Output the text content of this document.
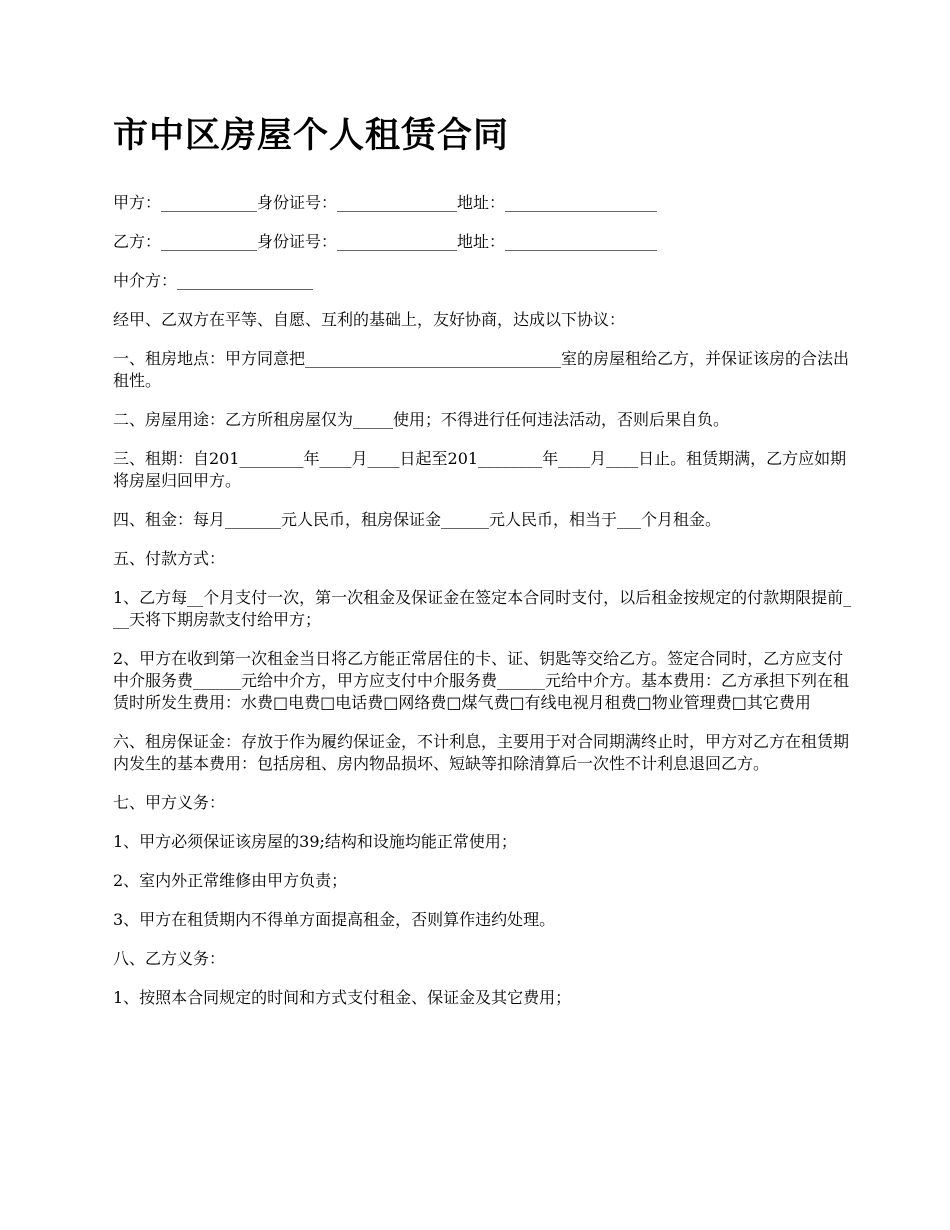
市中区房屋个人租赁合同

甲方：____________身份证号：_______________地址：___________________

乙方：____________身份证号：_______________地址：___________________

中介方：_________________

经甲、乙双方在平等、自愿、互利的基础上，友好协商，达成以下协议：

一、租房地点：甲方同意把________________________________室的房屋租给乙方，并保证该房的合法出租性。

二、房屋用途：乙方所租房屋仅为_____使用；不得进行任何违法活动，否则后果自负。

三、租期：自201________年____月____日起至201________年____月____日止。租赁期满，乙方应如期将房屋归回甲方。

四、租金：每月_______元人民币，租房保证金______元人民币，相当于___个月租金。

五、付款方式：

1、乙方每__个月支付一次，第一次租金及保证金在签定本合同时支付，以后租金按规定的付款期限提前___天将下期房款支付给甲方；

2、甲方在收到第一次租金当日将乙方能正常居住的卡、证、钥匙等交给乙方。签定合同时，乙方应支付中介服务费______元给中介方，甲方应支付中介服务费______元给中介方。基本费用：乙方承担下列在租赁时所发生费用：水费□电费□电话费□网络费□煤气费□有线电视月租费□物业管理费□其它费用

六、租房保证金：存放于作为履约保证金，不计利息，主要用于对合同期满终止时，甲方对乙方在租赁期内发生的基本费用：包括房租、房内物品损坏、短缺等扣除清算后一次性不计利息退回乙方。

七、甲方义务：

1、甲方必须保证该房屋的39;结构和设施均能正常使用；

2、室内外正常维修由甲方负责；

3、甲方在租赁期内不得单方面提高租金，否则算作违约处理。

八、乙方义务：

1、按照本合同规定的时间和方式支付租金、保证金及其它费用；
